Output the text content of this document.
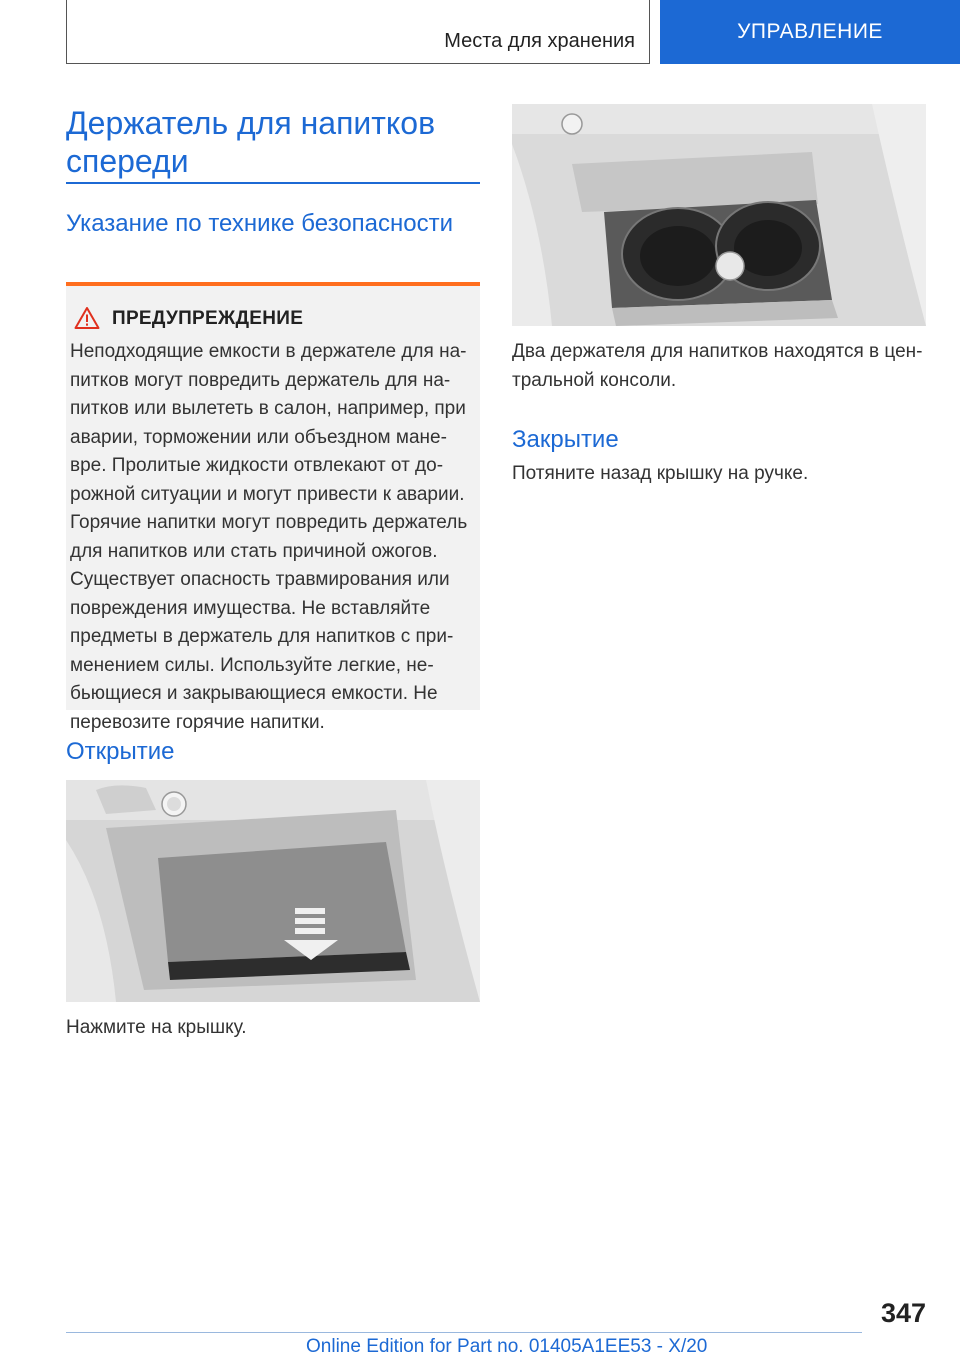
Места для хранения	УПРАВЛЕНИЕ
Держатель для напитков спереди
Указание по технике безопасности
ПРЕДУПРЕЖДЕНИЕ

Неподходящие емкости в держателе для на-питков могут повредить держатель для на-питков или вылететь в салон, например, при аварии, торможении или объездном мане-вре. Пролитые жидкости отвлекают от до-рожной ситуации и могут привести к аварии. Горячие напитки могут повредить держатель для напитков или стать причиной ожогов. Существует опасность травмирования или повреждения имущества. Не вставляйте предметы в держатель для напитков с при-менением силы. Используйте легкие, не-бьющиеся и закрывающиеся емкости. Не перевозите горячие напитки.

Открытие

Нажмите на крышку.

Два держателя для напитков находятся в цен-тральной консоли.

Закрытие

Потяните назад крышку на ручке.

347
Online Edition for Part no. 01405A1EE53 - X/20
